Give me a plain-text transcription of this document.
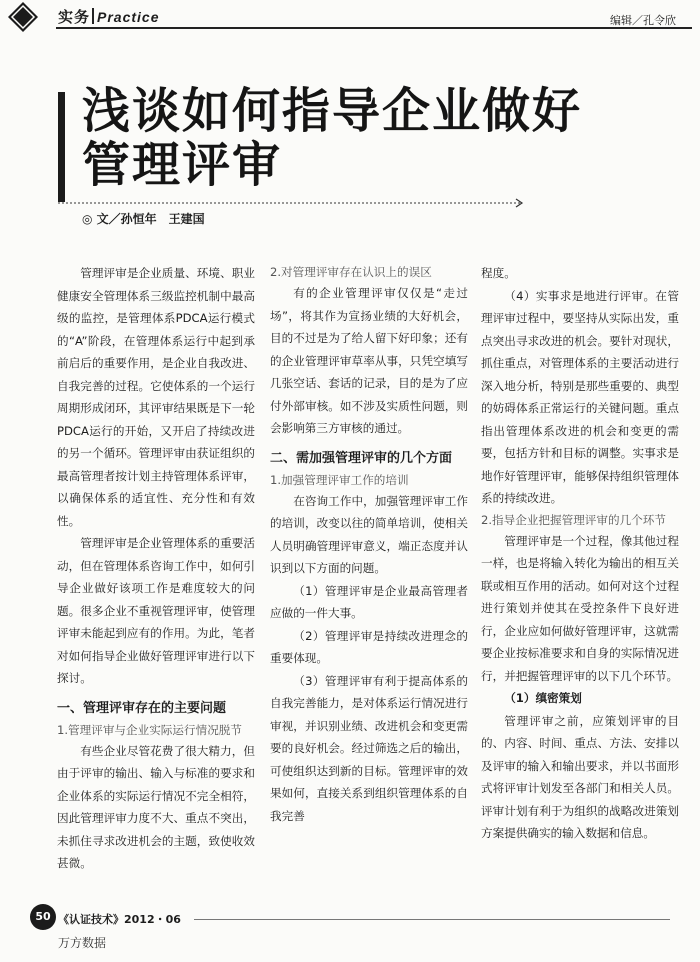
实务 Practice	编辑／孔令欣
浅谈如何指导企业做好
管理评审
◎ 文／孙恒年　王建国

管理评审是企业质量、环境、职业健康安全管理体系三级监控机制中最高级的监控，是管理体系PDCA运行模式的“A”阶段，在管理体系运行中起到承前启后的重要作用，是企业自我改进、自我完善的过程。它使体系的一个运行周期形成闭环，其评审结果既是下一轮PDCA运行的开始，又开启了持续改进的另一个循环。管理评审由获证组织的最高管理者按计划主持管理体系评审，以确保体系的适宜性、充分性和有效性。

管理评审是企业管理体系的重要活动，但在管理体系咨询工作中，如何引导企业做好该项工作是难度较大的问题。很多企业不重视管理评审，使管理评审未能起到应有的作用。为此，笔者对如何指导企业做好管理评审进行以下探讨。

一、管理评审存在的主要问题

1.管理评审与企业实际运行情况脱节

有些企业尽管花费了很大精力，但由于评审的输出、输入与标准的要求和企业体系的实际运行情况不完全相符，因此管理评审力度不大、重点不突出，未抓住寻求改进机会的主题，致使收效甚微。

2.对管理评审存在认识上的误区

有的企业管理评审仅仅是“走过场”，将其作为宣扬业绩的大好机会，目的不过是为了给人留下好印象；还有的企业管理评审草率从事，只凭空填写几张空话、套话的记录，目的是为了应付外部审核。如不涉及实质性问题，则会影响第三方审核的通过。

二、需加强管理评审的几个方面

1.加强管理评审工作的培训

在咨询工作中，加强管理评审工作的培训，改变以往的简单培训，使相关人员明确管理评审意义，端正态度并认识到以下方面的问题。

（1）管理评审是企业最高管理者应做的一件大事。

（2）管理评审是持续改进理念的重要体现。

（3）管理评审有利于提高体系的自我完善能力，是对体系运行情况进行审视，并识别业绩、改进机会和变更需要的良好机会。经过筛选之后的输出，可使组织达到新的目标。管理评审的效果如何，直接关系到组织管理体系的自我完善

程度。

（4）实事求是地进行评审。在管理评审过程中，要坚持从实际出发，重点突出寻求改进的机会。要针对现状，抓住重点，对管理体系的主要活动进行深入地分析，特别是那些重要的、典型的妨碍体系正常运行的关键问题。重点指出管理体系改进的机会和变更的需要，包括方针和目标的调整。实事求是地作好管理评审，能够保持组织管理体系的持续改进。

2.指导企业把握管理评审的几个环节

管理评审是一个过程，像其他过程一样，也是将输入转化为输出的相互关联或相互作用的活动。如何对这个过程进行策划并使其在受控条件下良好进行，企业应如何做好管理评审，这就需要企业按标准要求和自身的实际情况进行，并把握管理评审的以下几个环节。

（1）缜密策划

管理评审之前，应策划评审的目的、内容、时间、重点、方法、安排以及评审的输入和输出要求，并以书面形式将评审计划发至各部门和相关人员。评审计划有利于为组织的战略改进策划方案提供确实的输入数据和信息。

50 《认证技术》2012・06
万方数据
